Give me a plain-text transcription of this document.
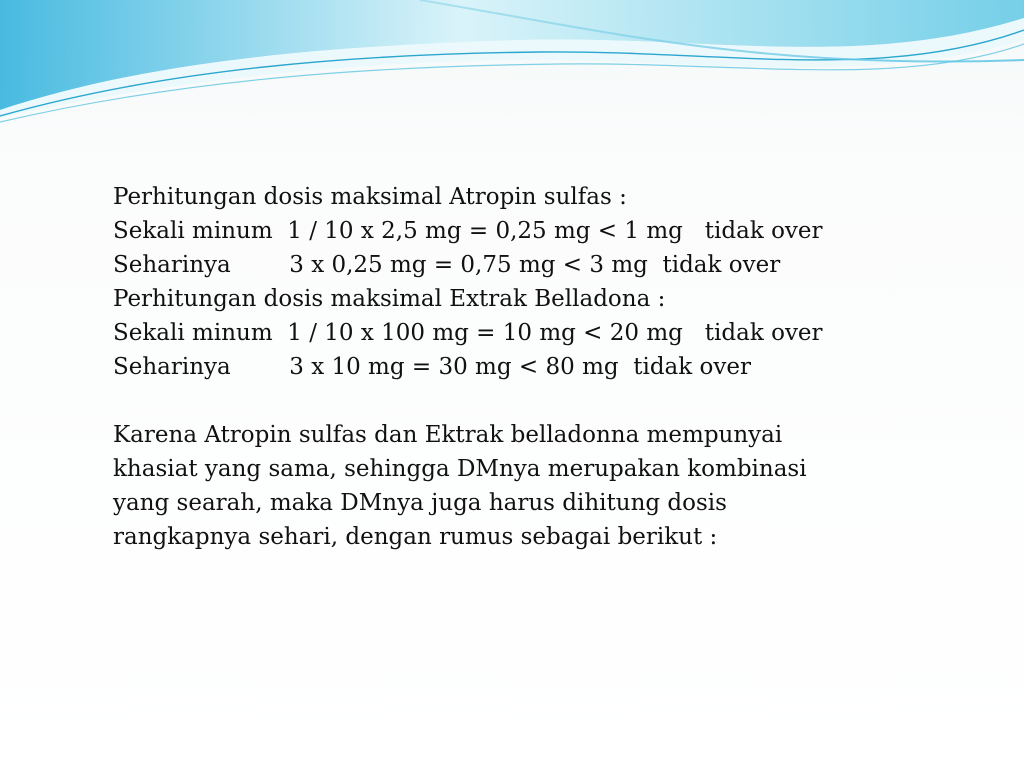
Perhitungan dosis maksimal Atropin sulfas :
Sekali minum  1 / 10 x 2,5 mg = 0,25 mg < 1 mg   tidak over
Seharinya        3 x 0,25 mg = 0,75 mg < 3 mg  tidak over
Perhitungan dosis maksimal Extrak Belladona :
Sekali minum  1 / 10 x 100 mg = 10 mg < 20 mg   tidak over
Seharinya        3 x 10 mg = 30 mg < 80 mg  tidak over
Karena Atropin sulfas dan Ektrak belladonna mempunyai khasiat yang sama, sehingga DMnya merupakan kombinasi yang searah, maka DMnya juga harus dihitung dosis rangkapnya sehari, dengan rumus sebagai berikut :
